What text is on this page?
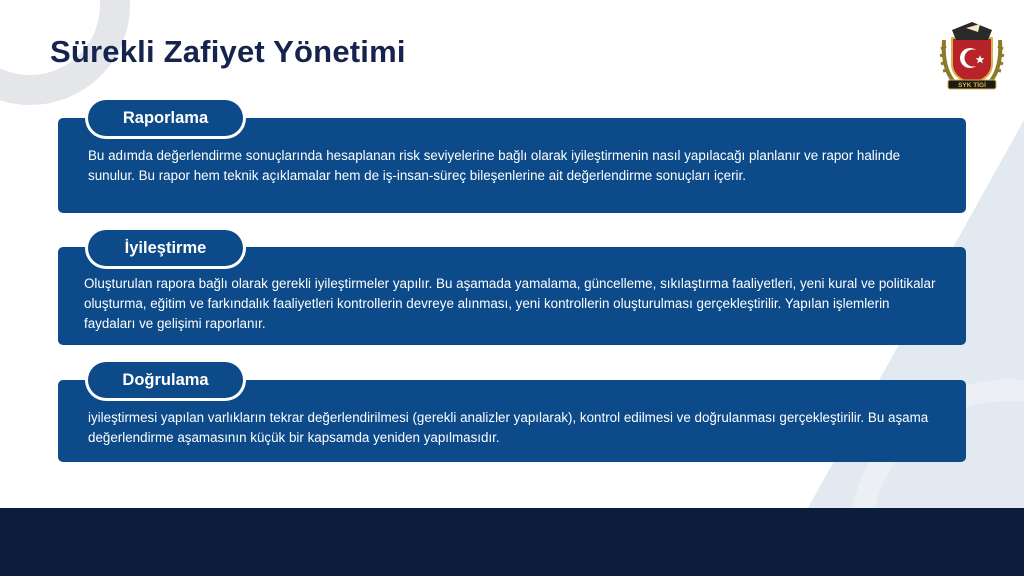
Sürekli Zafiyet Yönetimi
SYK TİGİ

Bu adımda değerlendirme sonuçlarında hesaplanan risk seviyelerine bağlı olarak iyileştirmenin nasıl yapılacağı planlanır ve rapor halinde sunulur. Bu rapor hem teknik açıklamalar hem de iş-insan-süreç bileşenlerine ait değerlendirme sonuçları içerir.

Raporlama

Oluşturulan rapora bağlı olarak gerekli iyileştirmeler yapılır. Bu aşamada yamalama, güncelleme, sıkılaştırma faaliyetleri, yeni kural ve politikalar oluşturma, eğitim ve farkındalık faaliyetleri kontrollerin devreye alınması, yeni kontrollerin oluşturulması gerçekleştirilir. Yapılan işlemlerin faydaları ve gelişimi raporlanır.

İyileştirme

iyileştirmesi yapılan varlıkların tekrar değerlendirilmesi (gerekli analizler yapılarak), kontrol edilmesi ve doğrulanması gerçekleştirilir. Bu aşama değerlendirme aşamasının küçük bir kapsamda yeniden yapılmasıdır.

Doğrulama
